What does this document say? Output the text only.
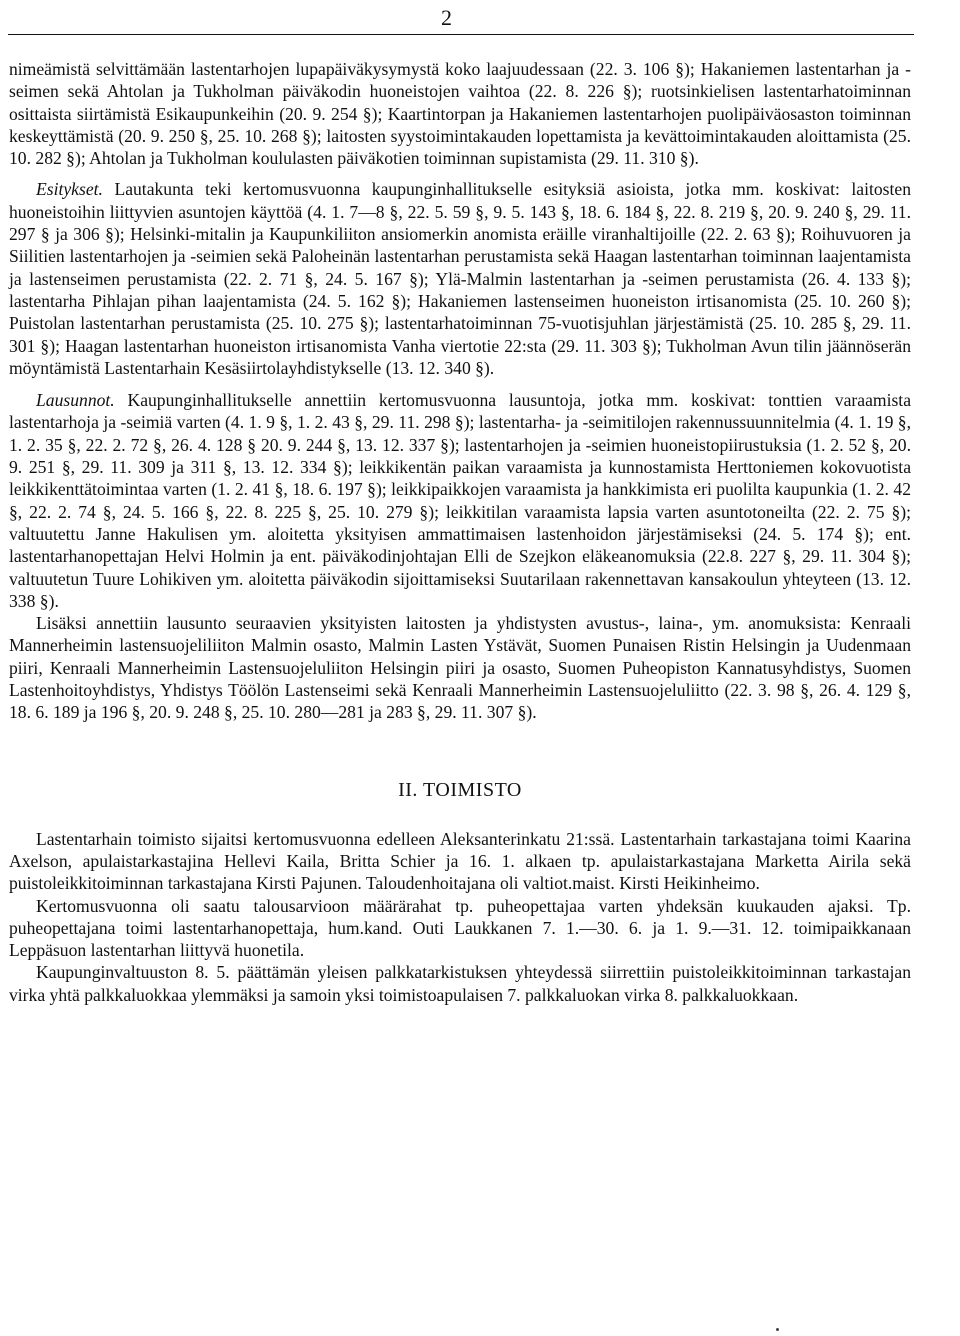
2

nimeämistä selvittämään lastentarhojen lupapäiväkysymystä koko laajuudessaan (22. 3. 106 §); Hakaniemen lastentarhan ja -seimen sekä Ahtolan ja Tukholman päiväkodin huoneistojen vaihtoa (22. 8. 226 §); ruotsinkielisen lastentarhatoiminnan osittaista siirtämistä Esikaupunkeihin (20. 9. 254 §); Kaartintorpan ja Hakaniemen lastentarhojen puolipäiväosaston toiminnan keskeyttämistä (20. 9. 250 §, 25. 10. 268 §); laitosten syystoimintakauden lopettamista ja kevättoimintakauden aloittamista (25. 10. 282 §); Ahtolan ja Tukholman koululasten päiväkotien toiminnan supistamista (29. 11. 310 §).

Esitykset. Lautakunta teki kertomusvuonna kaupunginhallitukselle esityksiä asioista, jotka mm. koskivat: laitosten huoneistoihin liittyvien asuntojen käyttöä (4. 1. 7—8 §, 22. 5. 59 §, 9. 5. 143 §, 18. 6. 184 §, 22. 8. 219 §, 20. 9. 240 §, 29. 11. 297 § ja 306 §); Helsinki-mitalin ja Kaupunkiliiton ansiomerkin anomista eräille viranhaltijoille (22. 2. 63 §); Roihuvuoren ja Siilitien lastentarhojen ja -seimien sekä Paloheinän lastentarhan perustamista sekä Haagan lastentarhan toiminnan laajentamista ja lastenseimen perustamista (22. 2. 71 §, 24. 5. 167 §); Ylä-Malmin lastentarhan ja -seimen perustamista (26. 4. 133 §); lastentarha Pihlajan pihan laajentamista (24. 5. 162 §); Hakaniemen lastenseimen huoneiston irtisanomista (25. 10. 260 §); Puistolan lastentarhan perustamista (25. 10. 275 §); lastentarhatoiminnan 75-vuotisjuhlan järjestämistä (25. 10. 285 §, 29. 11. 301 §); Haagan lastentarhan huoneiston irtisanomista Vanha viertotie 22:sta (29. 11. 303 §); Tukholman Avun tilin jäännöserän möyntämistä Lastentarhain Kesäsiirtolayhdistykselle (13. 12. 340 §).

Lausunnot. Kaupunginhallitukselle annettiin kertomusvuonna lausuntoja, jotka mm. koskivat: tonttien varaamista lastentarhoja ja -seimiä varten (4. 1. 9 §, 1. 2. 43 §, 29. 11. 298 §); lastentarha- ja -seimitilojen rakennussuunnitelmia (4. 1. 19 §, 1. 2. 35 §, 22. 2. 72 §, 26. 4. 128 § 20. 9. 244 §, 13. 12. 337 §); lastentarhojen ja -seimien huoneistopiirustuksia (1. 2. 52 §, 20. 9. 251 §, 29. 11. 309 ja 311 §, 13. 12. 334 §); leikkikentän paikan varaamista ja kunnostamista Herttoniemen kokovuotista leikkikenttätoimintaa varten (1. 2. 41 §, 18. 6. 197 §); leikkipaikkojen varaamista ja hankkimista eri puolilta kaupunkia (1. 2. 42 §, 22. 2. 74 §, 24. 5. 166 §, 22. 8. 225 §, 25. 10. 279 §); leikkitilan varaamista lapsia varten asuntotoneilta (22. 2. 75 §); valtuutettu Janne Hakulisen ym. aloitetta yksityisen ammattimaisen lastenhoidon järjestämiseksi (24. 5. 174 §); ent. lastentarhanopettajan Helvi Holmin ja ent. päiväkodinjohtajan Elli de Szejkon eläkeanomuksia (22.8. 227 §, 29. 11. 304 §); valtuutetun Tuure Lohikiven ym. aloitetta päiväkodin sijoittamiseksi Suutarilaan rakennettavan kansakoulun yhteyteen (13. 12. 338 §).

Lisäksi annettiin lausunto seuraavien yksityisten laitosten ja yhdistysten avustus-, laina-, ym. anomuksista: Kenraali Mannerheimin lastensuojeliliiton Malmin osasto, Malmin Lasten Ystävät, Suomen Punaisen Ristin Helsingin ja Uudenmaan piiri, Kenraali Mannerheimin Lastensuojeluliiton Helsingin piiri ja osasto, Suomen Puheopiston Kannatusyhdistys, Suomen Lastenhoitoyhdistys, Yhdistys Töölön Lastenseimi sekä Kenraali Mannerheimin Lastensuojeluliitto (22. 3. 98 §, 26. 4. 129 §, 18. 6. 189 ja 196 §, 20. 9. 248 §, 25. 10. 280—281 ja 283 §, 29. 11. 307 §).

II. TOIMISTO

Lastentarhain toimisto sijaitsi kertomusvuonna edelleen Aleksanterinkatu 21:ssä. Lastentarhain tarkastajana toimi Kaarina Axelson, apulaistarkastajina Hellevi Kaila, Britta Schier ja 16. 1. alkaen tp. apulaistarkastajana Marketta Airila sekä puistoleikkitoiminnan tarkastajana Kirsti Pajunen. Taloudenhoitajana oli valtiot.maist. Kirsti Heikinheimo.

Kertomusvuonna oli saatu talousarvioon määrärahat tp. puheopettajaa varten yhdeksän kuukauden ajaksi. Tp. puheopettajana toimi lastentarhanopettaja, hum.kand. Outi Laukkanen 7. 1.—30. 6. ja 1. 9.—31. 12. toimipaikkanaan Leppäsuon lastentarhan liittyvä huonetila.

Kaupunginvaltuuston 8. 5. päättämän yleisen palkkatarkistuksen yhteydessä siirrettiin puistoleikkitoiminnan tarkastajan virka yhtä palkkaluokkaa ylemmäksi ja samoin yksi toimistoapulaisen 7. palkkaluokan virka 8. palkkaluokkaan.
